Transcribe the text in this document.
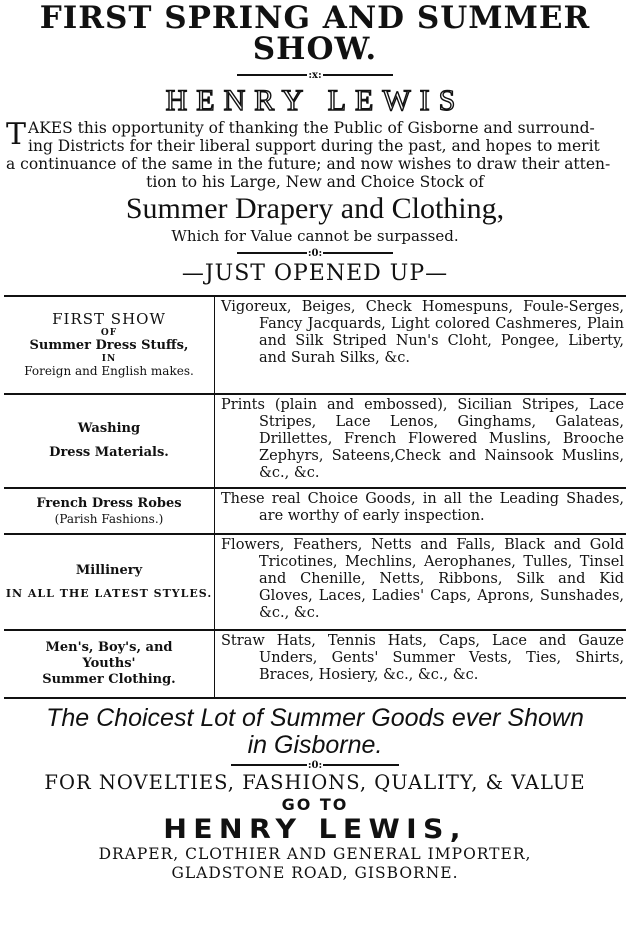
FIRST SPRING AND SUMMER
SHOW.
:x:
HENRY LEWIS
T AKES this opportunity of thanking the Public of Gisborne and surround-
ing Districts for their liberal support during the past, and hopes to merit
a continuance of the same in the future; and now wishes to draw their atten-

tion to his Large, New and Choice Stock of
Summer Drapery and Clothing,
Which for Value cannot be surpassed.
:0:
—JUST OPENED UP—
FIRST SHOW
OF
Summer Dress Stuffs,
IN
Foreign and English makes.
Vigoreux, Beiges, Check Homespuns, Foule-Serges, Fancy Jacquards, Light colored Cashmeres, Plain and Silk Striped Nun's Cloht, Pongee, Liberty, and Surah Silks, &c.
Washing
Dress Materials.
Prints (plain and embossed), Sicilian Stripes, Lace Stripes, Lace Lenos, Ginghams, Galateas, Drillettes, French Flowered Muslins, Brooche Zephyrs, Sateens,Check and Nainsook Muslins, &c., &c.
French Dress Robes
(Parish Fashions.)
These real Choice Goods, in all the Leading Shades, are worthy of early inspection.
Millinery
IN ALL THE LATEST STYLES.
Flowers, Feathers, Netts and Falls, Black and Gold Tricotines, Mechlins, Aerophanes, Tulles, Tinsel and Chenille, Netts, Ribbons, Silk and Kid Gloves, Laces, Ladies' Caps, Aprons, Sunshades, &c., &c.
Men's, Boy's, and
Youths'
Summer Clothing.
Straw Hats, Tennis Hats, Caps, Lace and Gauze Unders, Gents' Summer Vests, Ties, Shirts, Braces, Hosiery, &c., &c., &c.
The Choicest Lot of Summer Goods ever Shown
in Gisborne.
:0:
FOR NOVELTIES, FASHIONS, QUALITY, & VALUE
GO TO
HENRY LEWIS,
DRAPER, CLOTHIER AND GENERAL IMPORTER,
GLADSTONE ROAD, GISBORNE.
